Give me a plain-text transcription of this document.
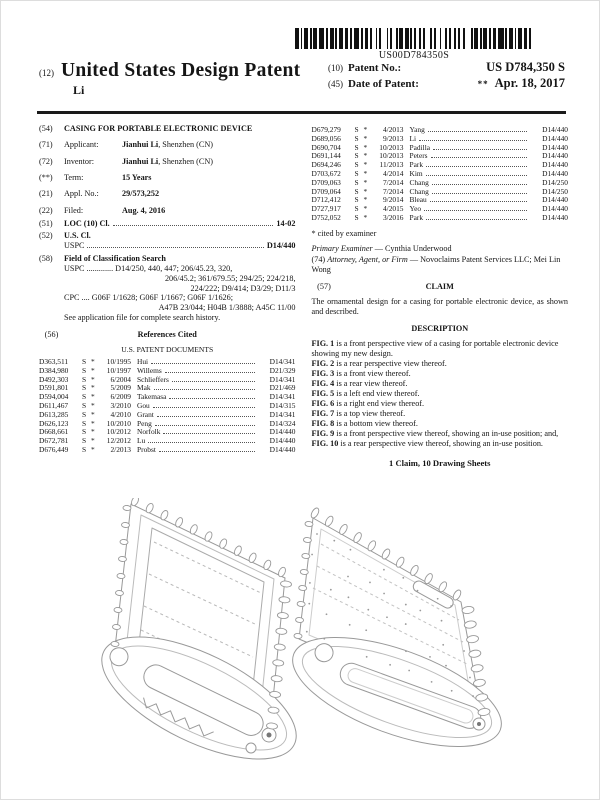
US00D784350S
(12) United States Design Patent
Li
(10) Patent No.:	US D784,350 S
(45) Date of Patent:	** Apr. 18, 2017
(54)	CASING FOR PORTABLE ELECTRONIC DEVICE
(71)	Applicant:	Jianhui Li, Shenzhen (CN)
(72)	Inventor:	Jianhui Li, Shenzhen (CN)
(**)	Term:	15 Years
(21)	Appl. No.:	29/573,252
(22)	Filed:	Aug. 4, 2016
(51)	LOC (10) Cl.	14-02
(52)	U.S. Cl.
USPC	D14/440
(58)	Field of Classification Search
USPC ............. D14/250, 440, 447; 206/45.23, 320,
206/45.2; 361/679.55; 294/25; 224/218,
224/222; D9/414; D3/29; D11/3
CPC .... G06F 1/1628; G06F 1/1667; G06F 1/1626;
A47B 23/044; H04B 1/3888; A45C 11/00
See application file for complete search history.
(56)	References Cited
U.S. PATENT DOCUMENTS
D363,511	S *	10/1995 Hui	D14/341
D384,980	S *	10/1997 Willems	D21/329
D492,303	S *	6/2004 Schlieffers	D14/341
D591,801	S *	5/2009 Mak	D21/469
D594,004	S *	6/2009 Takemasa	D14/341
D611,467	S *	3/2010 Gou	D14/315
D613,285	S *	4/2010 Grant	D14/341
D626,123	S *	10/2010 Peng	D14/324
D668,661	S *	10/2012 Norfolk	D14/440
D672,781	S *	12/2012 Lu	D14/440
D676,449	S *	2/2013 Probst	D14/440
D679,279	S *	4/2013 Yang	D14/440
D689,056	S *	9/2013 Li	D14/440
D690,704	S *	10/2013 Padilla	D14/440
D691,144	S *	10/2013 Peters	D14/440
D694,246	S *	11/2013 Park	D14/440
D703,672	S *	4/2014 Kim	D14/440
D709,063	S *	7/2014 Chang	D14/250
D709,064	S *	7/2014 Chang	D14/250
D712,412	S *	9/2014 Bleau	D14/440
D727,917	S *	4/2015 Yeo	D14/440
D752,052	S *	3/2016 Park	D14/440
* cited by examiner
Primary Examiner — Cynthia Underwood
(74) Attorney, Agent, or Firm — Novoclaims Patent Services LLC; Mei Lin Wong
(57)	CLAIM
The ornamental design for a casing for portable electronic device, as shown and described.
DESCRIPTION
FIG. 1 is a front perspective view of a casing for portable electronic device showing my new design.
FIG. 2 is a rear perspective view thereof.
FIG. 3 is a front view thereof.
FIG. 4 is a rear view thereof.
FIG. 5 is a left end view thereof.
FIG. 6 is a right end view thereof.
FIG. 7 is a top view thereof.
FIG. 8 is a bottom view thereof.
FIG. 9 is a front perspective view thereof, showing an in-use position; and,
FIG. 10 is a rear perspective view thereof, showing an in-use position.
1 Claim, 10 Drawing Sheets
